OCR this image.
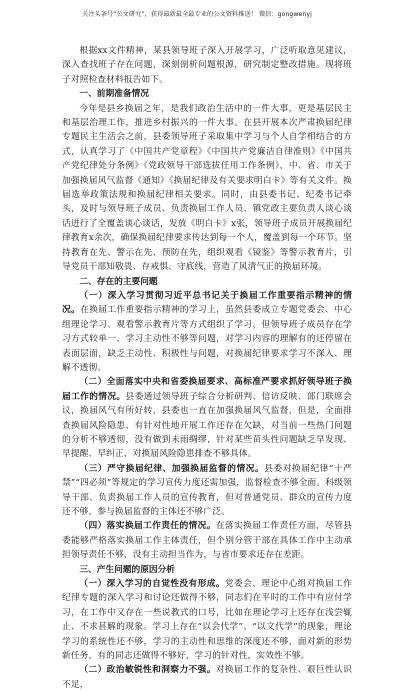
关注头条号“公文研究”，获得最新最全最专业的公文资料推送！ 微信：gongwenyj

根据xx文件精神，某县领导班子深入开展学习，广泛听取意见建议，深入查找班子存在问题，深刻剖析问题根源，研究制定整改措施。现将班子对照检查材料报告如下。

一、前期准备情况

今年是县乡换届之年，是我们政治生活中的一件大事，更是基层民主和基层治理工作，推进乡村振兴的一件大事。在县开展本次严肃换届纪律专题民主生活会之前，县委领导班子采取集中学习与个人自学相结合的方式，认真学习了《中国共产党章程》《中国共产党廉洁自律准则》《中国共产党纪律处分条例》《党政领导干部选拔任用工作条例》，中、省、市关于加强换届风气监督《通知》《换届纪律及有关要求明白卡》等有关文件。换届选举政策法规和换届纪律相关要求。同时，由县委书记、纪委书记牵头，及时与领导班子成员、负责换届工作人员、镇党政主要负责人谈心谈话进行了全覆盖谈心谈话，发放《明白卡》x张，领导班子成员开展换届纪律教育x余次，确保换届纪律要求传达到每一个人，覆盖到每一个环节。坚持教育在先、警示在先、预防在先，组织观看《镜鉴》等警示教育片，引导党员干部知敬畏、存戒惧、守底线，营造了风清气正的换届环境。

二、存在的主要问题

（一）深入学习贯彻习近平总书记关于换届工作重要指示精神的情况。在换届工作重要指示精神的学习上，虽然县委成立专题党委会、中心组理论学习、观看警示教育片等方式组织了学习，但领导班子成员存在学习方式较单一、学习主动性不够等问题，对学习内容的理解有的还停留在表面层面，缺乏主动性、积极性与问题，对换届纪律要求学习不深入、理解不透彻。

（二）全面落实中央和省委换届要求、高标准严要求抓好领导班子换届工作的情况。县委通过领导班子综合分析研判、信访反映、部门联席会议，换届风气有所好转，县委也一直在加强换届风气监督，但是，全面排查换届风险隐患、有针对性地开展工作还存在欠缺，对当前一些热门问题的分析不够透彻，没有做到未雨绸缪，针对某些苗头性问题缺乏早发现、早提醒、早纠正，对换届风险隐患排查不够具体。

（三）严守换届纪律、加强换届监督的情况。县委对换届纪律“十严禁”“四必须”等规定的学习宣传力度还需加强，监督检查不够全面。科级领导干部、负责换届工作人员的宣传教育，但对普通党员、群众的宣传力度还不够，参与换届监督的主体还不够广泛。

（四）落实换届工作责任的情况。在落实换届工作责任方面，尽管县委能够严格落实换届工作主体责任，但个别分管干部在具体工作中主动承担领导责任不够，没有主动担当作为，与省市要求还存在差距。

三、产生问题的原因分析

（一）深入学习的自觉性没有形成。党委会、理论中心组对换届工作纪律专题的深入学习和讨论还做得不够，同志们在平时的工作中有应付学习，在工作中又存在一些说教式的口号，比如在理论学习上还存在浅尝辄止、不求甚解的现象。学习上存在“以会代学”、“以文代学”的现象，理论学习的系统性还不够，学习的主动性和思维的深度还不够，面对新的形势新任务，有的同志还做得不够好，学习的针对性，实效性不够。

（二）政治敏锐性和洞察力不强。对换届工作的复杂性、艰巨性认识不足，
